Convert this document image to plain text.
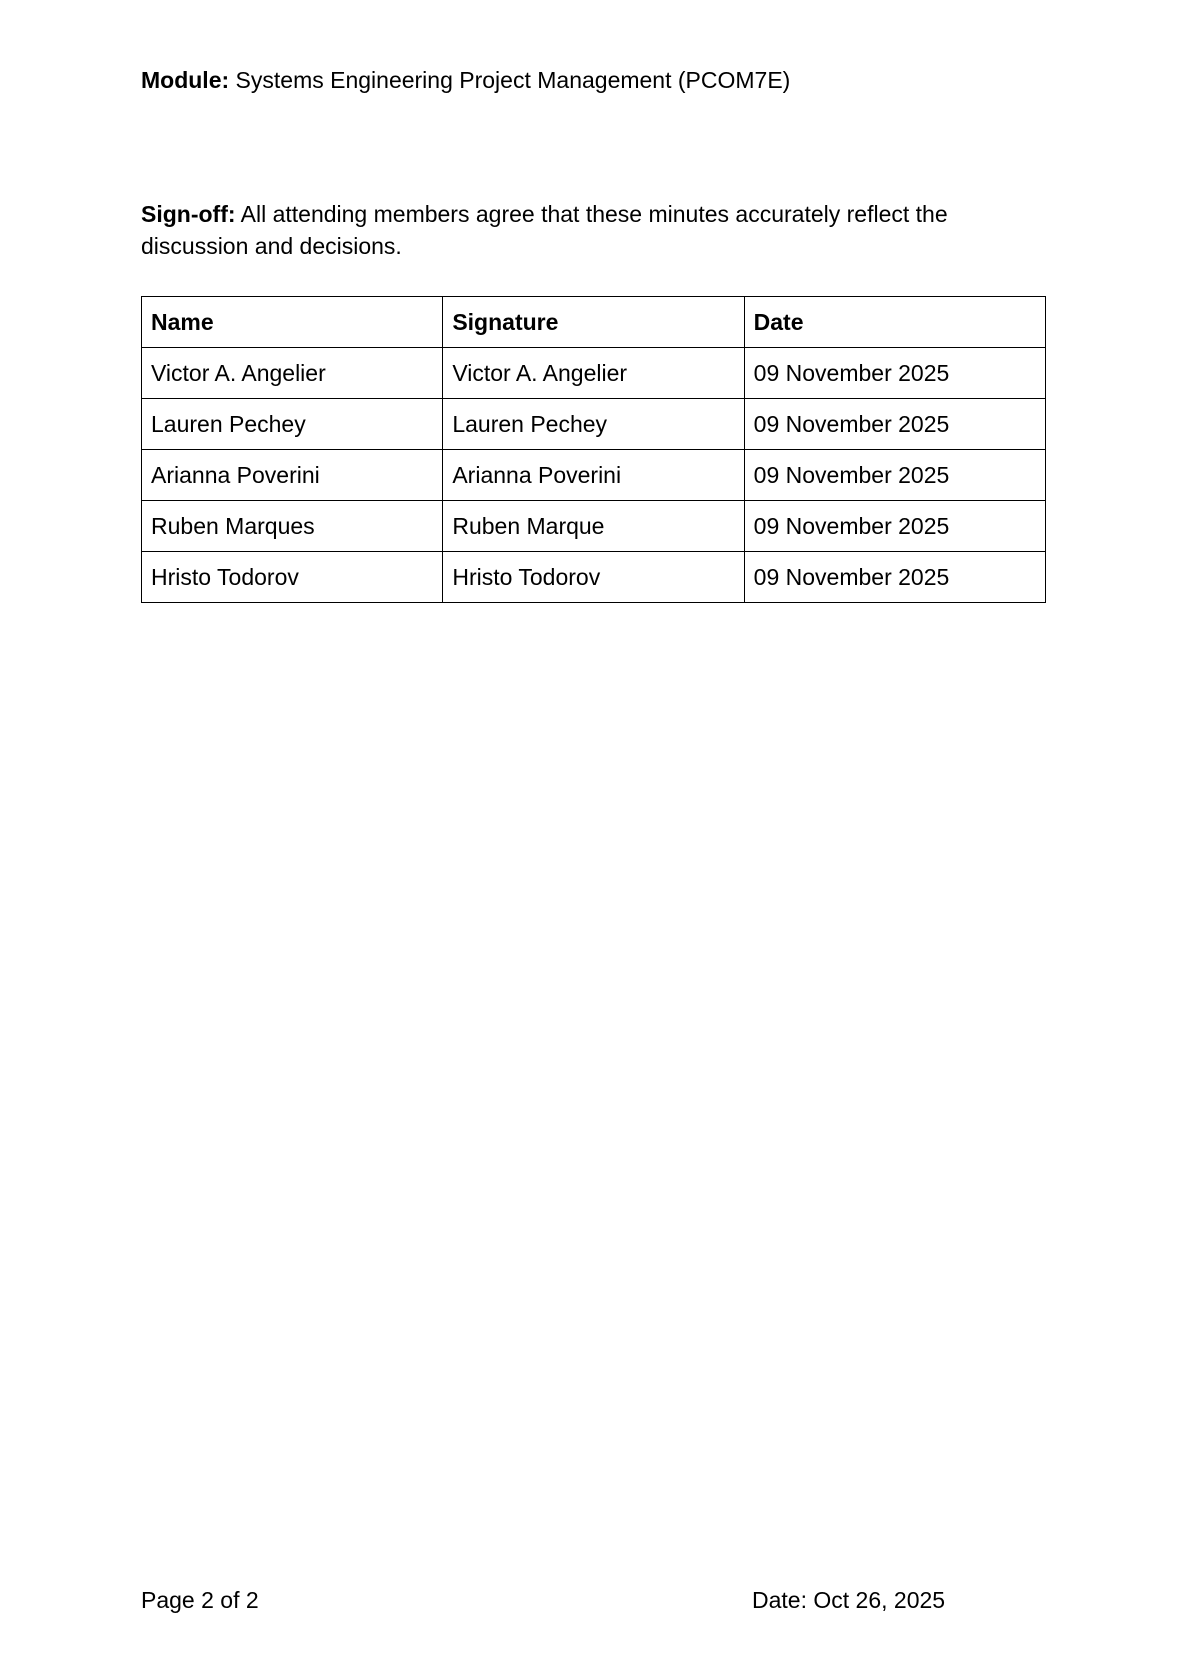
Module: Systems Engineering Project Management (PCOM7E)
Sign-off: All attending members agree that these minutes accurately reflect the discussion and decisions.
Name	Signature	Date
Victor A. Angelier	Victor A. Angelier	09 November 2025
Lauren Pechey	Lauren Pechey	09 November 2025
Arianna Poverini	Arianna Poverini	09 November 2025
Ruben Marques	Ruben Marque	09 November 2025
Hristo Todorov	Hristo Todorov	09 November 2025
Page 2 of 2	Date: Oct 26, 2025
